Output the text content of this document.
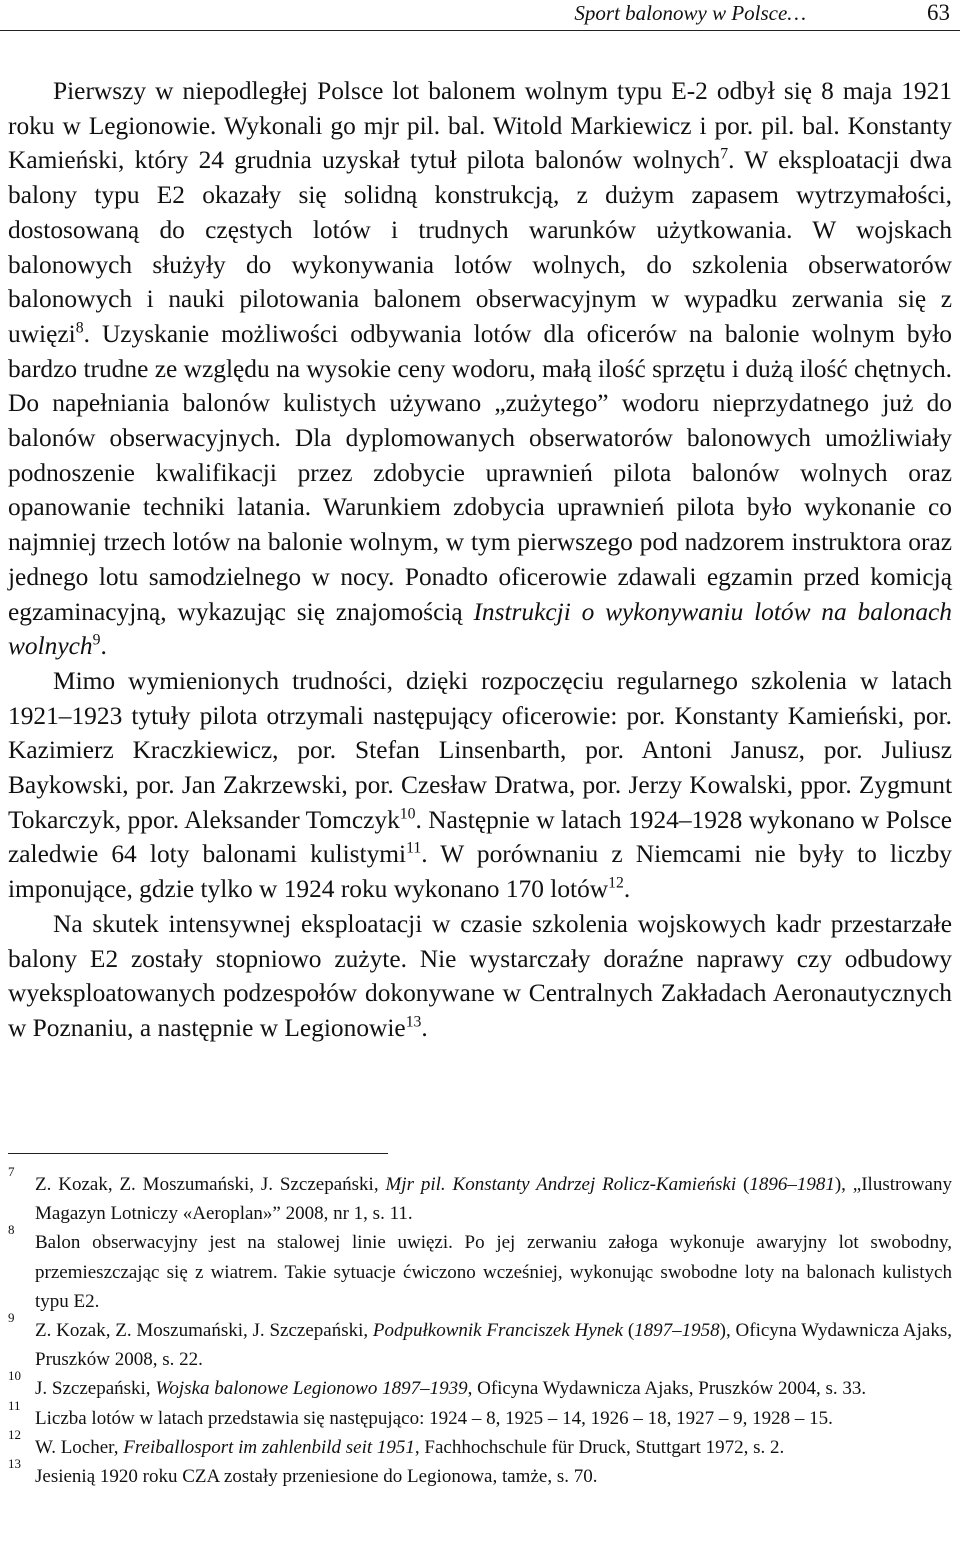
Sport balonowy w Polsce…	63

Pierwszy w niepodległej Polsce lot balonem wolnym typu E-2 odbył się 8 maja 1921 roku w Legionowie. Wykonali go mjr pil. bal. Witold Markiewicz i por. pil. bal. Konstanty Kamieński, który 24 grudnia uzyskał tytuł pilota balonów wolnych$^7$. W eksploatacji dwa balony typu E2 okazały się solidną konstrukcją, z dużym zapasem wytrzymałości, dostosowaną do częstych lotów i trudnych warunków użytkowania. W wojskach balonowych służyły do wykonywania lotów wolnych, do szkolenia obserwatorów balonowych i nauki pilotowania balonem obserwacyjnym w wypadku zerwania się z uwięzi$^8$. Uzyskanie możliwości odbywania lotów dla oficerów na balonie wolnym było bardzo trudne ze względu na wysokie ceny wodoru, małą ilość sprzętu i dużą ilość chętnych. Do napełniania balonów kulistych używano „zużytego” wodoru nieprzydatnego już do balonów obserwacyjnych. Dla dyplomowanych obserwatorów balonowych umożliwiały podnoszenie kwalifikacji przez zdobycie uprawnień pilota balonów wolnych oraz opanowanie techniki latania. Warunkiem zdobycia uprawnień pilota było wykonanie co najmniej trzech lotów na balonie wolnym, w tym pierwszego pod nadzorem instruktora oraz jednego lotu samodzielnego w nocy. Ponadto oficerowie zdawali egzamin przed komicją egzaminacyjną, wykazując się znajomością Instrukcji o wykonywaniu lotów na balonach wolnych$^9$.

Mimo wymienionych trudności, dzięki rozpoczęciu regularnego szkolenia w latach 1921–1923 tytuły pilota otrzymali następujący oficerowie: por. Konstanty Kamieński, por. Kazimierz Kraczkiewicz, por. Stefan Linsenbarth, por. Antoni Janusz, por. Juliusz Baykowski, por. Jan Zakrzewski, por. Czesław Dratwa, por. Jerzy Kowalski, ppor. Zygmunt Tokarczyk, ppor. Aleksander Tomczyk$^{10}$. Następnie w latach 1924–1928 wykonano w Polsce zaledwie 64 loty balonami kulistymi$^{11}$. W porównaniu z Niemcami nie były to liczby imponujące, gdzie tylko w 1924 roku wykonano 170 lotów$^{12}$.

Na skutek intensywnej eksploatacji w czasie szkolenia wojskowych kadr przestarzałe balony E2 zostały stopniowo zużyte. Nie wystarczały doraźne naprawy czy odbudowy wyeksploatowanych podzespołów dokonywane w Centralnych Zakładach Aeronautycznych w Poznaniu, a następnie w Legionowie$^{13}$.

7
Z. Kozak, Z. Moszumański, J. Szczepański, Mjr pil. Konstanty Andrzej Rolicz-Kamieński (1896–1981), „Ilustrowany Magazyn Lotniczy «Aeroplan»” 2008, nr 1, s. 11.
8
Balon obserwacyjny jest na stalowej linie uwięzi. Po jej zerwaniu załoga wykonuje awaryjny lot swobodny, przemieszczając się z wiatrem. Takie sytuacje ćwiczono wcześniej, wykonując swobodne loty na balonach kulistych typu E2.
9
Z. Kozak, Z. Moszumański, J. Szczepański, Podpułkownik Franciszek Hynek (1897–1958), Oficyna Wydawnicza Ajaks, Pruszków 2008, s. 22.
10
J. Szczepański, Wojska balonowe Legionowo 1897–1939, Oficyna Wydawnicza Ajaks, Pruszków 2004, s. 33.
11
Liczba lotów w latach przedstawia się następująco: 1924 – 8, 1925 – 14, 1926 – 18, 1927 – 9, 1928 – 15.
12
W. Locher, Freiballosport im zahlenbild seit 1951, Fachhochschule für Druck, Stuttgart 1972, s. 2.
13
Jesienią 1920 roku CZA zostały przeniesione do Legionowa, tamże, s. 70.
